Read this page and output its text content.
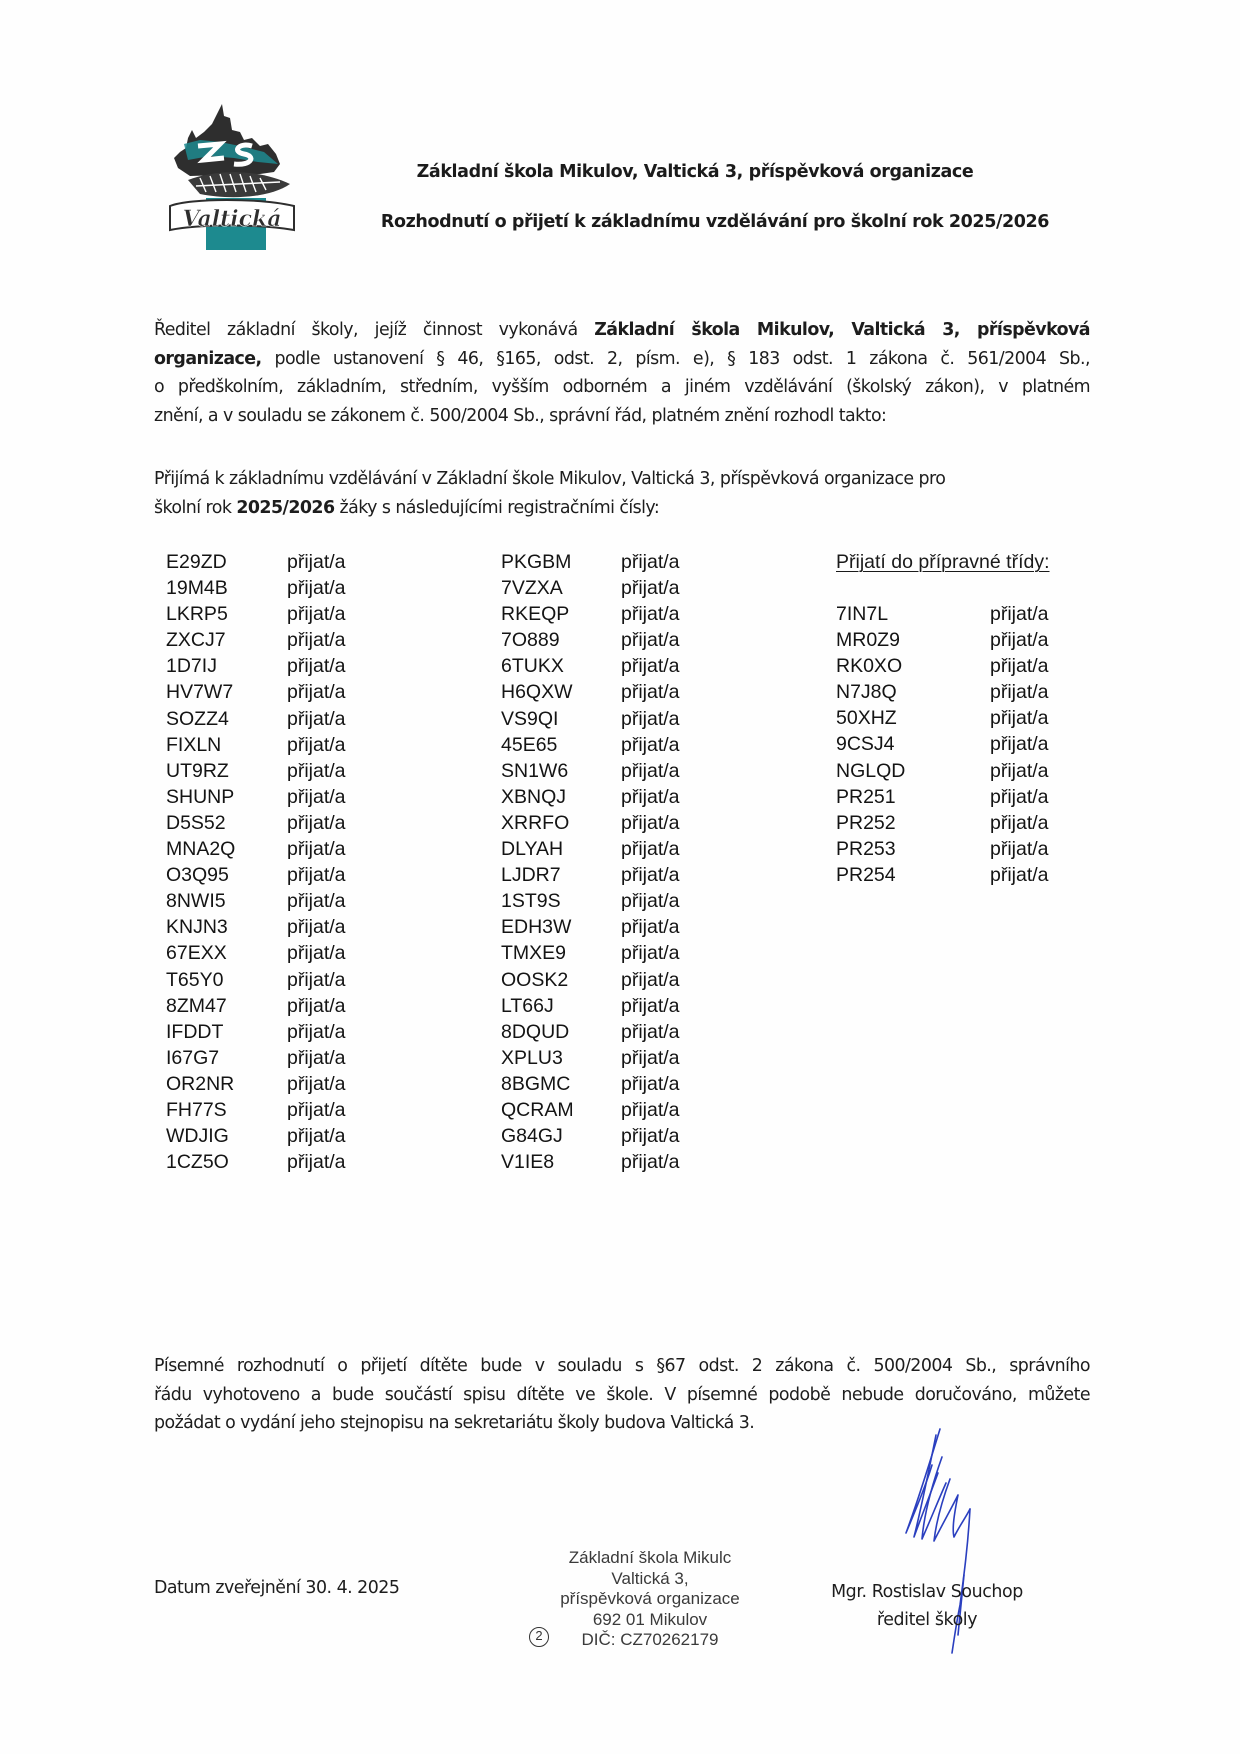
Valtická
Základní škola Mikulov, Valtická 3, příspěvková organizace
Rozhodnutí o přijetí k základnímu vzdělávání pro školní rok 2025/2026
Ředitel základní školy, jejíž činnost vykonává Základní škola Mikulov, Valtická 3, příspěvková
organizace, podle ustanovení § 46, §165, odst. 2, písm. e), § 183 odst. 1 zákona č. 561/2004 Sb.,
o předškolním, základním, středním, vyšším odborném a jiném vzdělávání (školský zákon), v platném
znění, a v souladu se zákonem č. 500/2004 Sb., správní řád, platném znění rozhodl takto:
Přijímá k základnímu vzdělávání v Základní škole Mikulov, Valtická 3, příspěvková organizace pro
školní rok 2025/2026 žáky s následujícími registračními čísly:
E29ZD	přijat/a
19M4B	přijat/a
LKRP5	přijat/a
ZXCJ7	přijat/a
1D7IJ	přijat/a
HV7W7	přijat/a
SOZZ4	přijat/a
FIXLN	přijat/a
UT9RZ	přijat/a
SHUNP	přijat/a
D5S52	přijat/a
MNA2Q	přijat/a
O3Q95	přijat/a
8NWI5	přijat/a
KNJN3	přijat/a
67EXX	přijat/a
T65Y0	přijat/a
8ZM47	přijat/a
IFDDT	přijat/a
I67G7	přijat/a
OR2NR	přijat/a
FH77S	přijat/a
WDJIG	přijat/a
1CZ5O	přijat/a
PKGBM	přijat/a
7VZXA	přijat/a
RKEQP	přijat/a
7O889	přijat/a
6TUKX	přijat/a
H6QXW přijat/a
VS9QI	přijat/a
45E65	přijat/a
SN1W6	přijat/a
XBNQJ	přijat/a
XRRFO	přijat/a
DLYAH	přijat/a
LJDR7	přijat/a
1ST9S	přijat/a
EDH3W	přijat/a
TMXE9	přijat/a
OOSK2	přijat/a
LT66J	přijat/a
8DQUD	přijat/a
XPLU3	přijat/a
8BGMC	přijat/a
QCRAM přijat/a
G84GJ	přijat/a
V1IE8	přijat/a
Přijatí do přípravné třídy:
7IN7L	přijat/a
MR0Z9	přijat/a
RK0XO	přijat/a
N7J8Q	přijat/a
50XHZ	přijat/a
9CSJ4	přijat/a
NGLQD	přijat/a
PR251	přijat/a
PR252	přijat/a
PR253	přijat/a
PR254	přijat/a
Písemné rozhodnutí o přijetí dítěte bude v souladu s §67 odst. 2 zákona č. 500/2004 Sb., správního
řádu vyhotoveno a bude součástí spisu dítěte ve škole. V písemné podobě nebude doručováno, můžete
požádat o vydání jeho stejnopisu na sekretariátu školy budova Valtická 3.
Datum zveřejnění 30. 4. 2025
Základní škola Mikulc
Valtická 3,
příspěvková organizace
692 01 Mikulov
DIČ: CZ70262179
2
Mgr. Rostislav Souchop
ředitel školy
